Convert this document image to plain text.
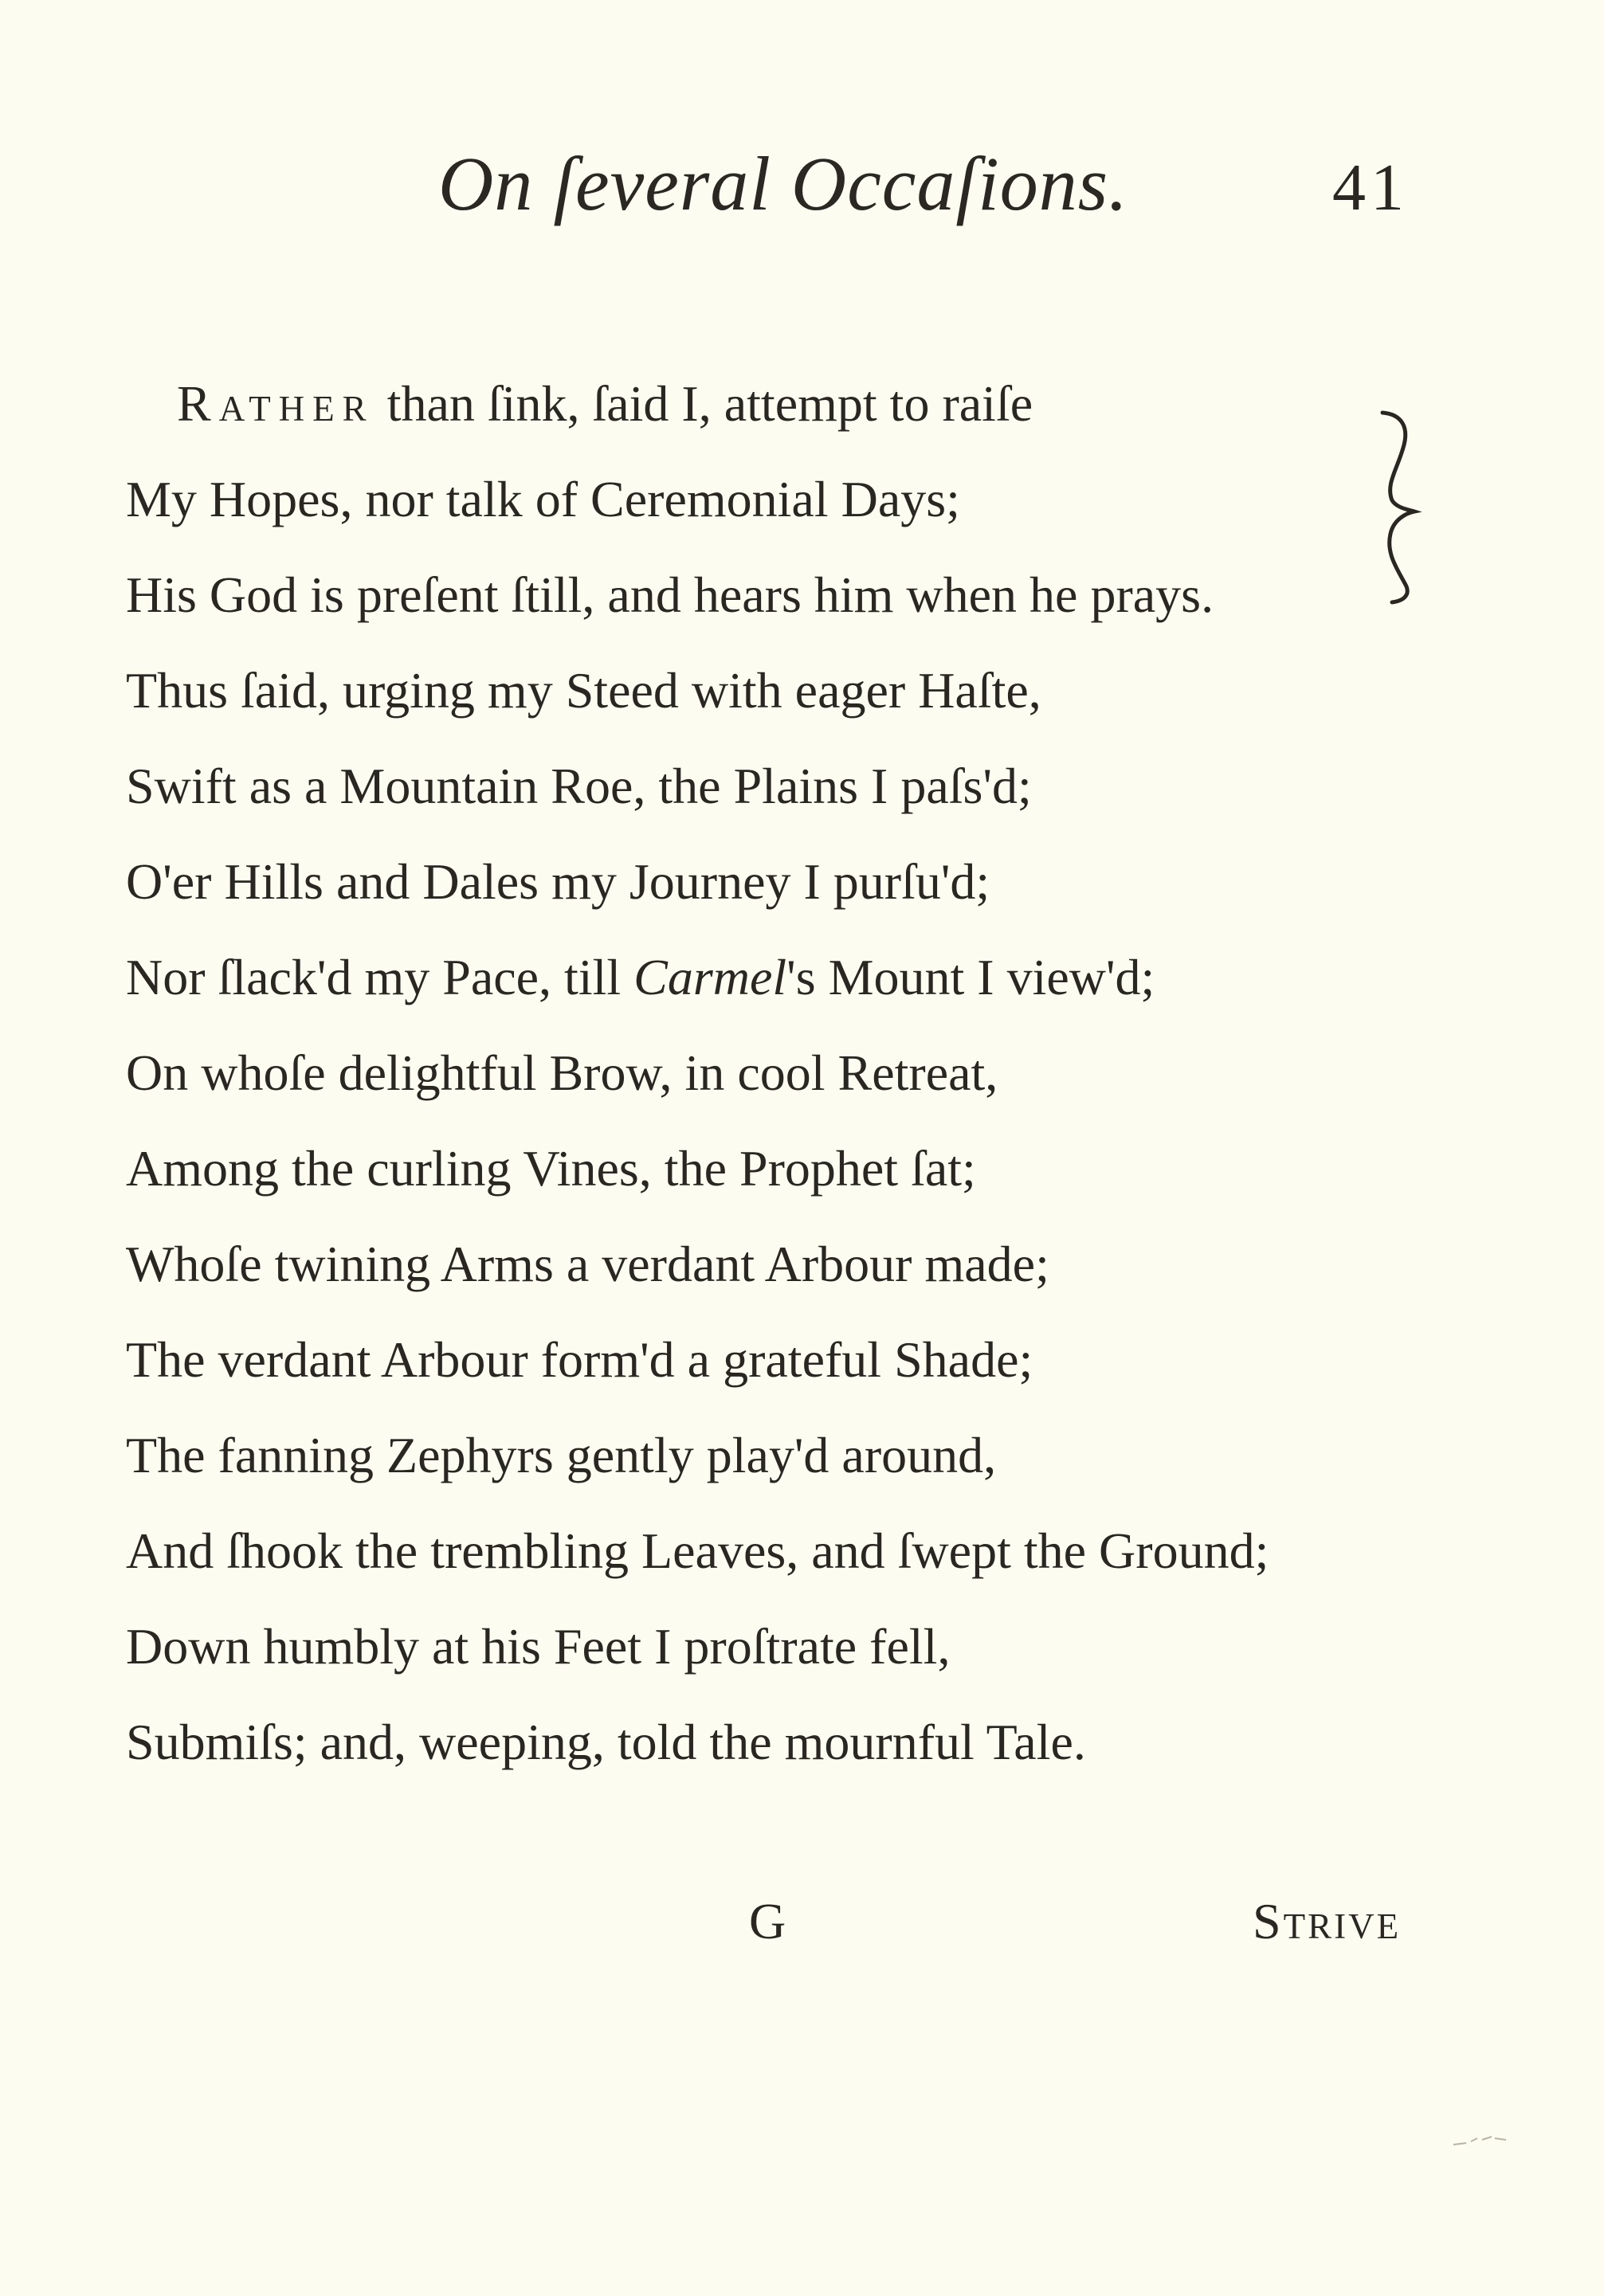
On ſeveral Occaſions.	41
Rather than ſink, ſaid I, attempt to raiſe
My Hopes, nor talk of Ceremonial Days;
His God is preſent ſtill, and hears him when he prays.
Thus ſaid, urging my Steed with eager Haſte,
Swift as a Mountain Roe, the Plains I paſs'd;
O'er Hills and Dales my Journey I purſu'd;
Nor ſlack'd my Pace, till Carmel's Mount I view'd;
On whoſe delightful Brow, in cool Retreat,
Among the curling Vines, the Prophet ſat;
Whoſe twining Arms a verdant Arbour made;
The verdant Arbour form'd a grateful Shade;
The fanning Zephyrs gently play'd around,
And ſhook the trembling Leaves, and ſwept the Ground;
Down humbly at his Feet I proſtrate fell,
Submiſs; and, weeping, told the mournful Tale.
G	Strive
